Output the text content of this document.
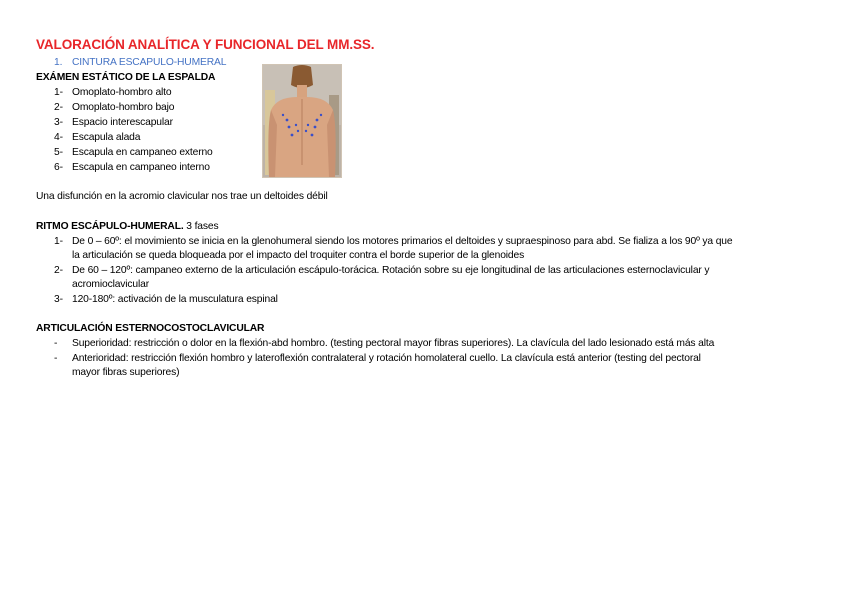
VALORACIÓN ANALÍTICA Y FUNCIONAL DEL MM.SS.
1. CINTURA ESCAPULO-HUMERAL
EXÁMEN ESTÁTICO DE LA ESPALDA
1- Omoplato-hombro alto
2- Omoplato-hombro bajo
3- Espacio interescapular
4- Escapula alada
5- Escapula en campaneo externo
6- Escapula en campaneo interno
Una disfunción en la acromio clavicular nos trae un deltoides débil
RITMO ESCÁPULO-HUMERAL. 3 fases
1- De 0 – 60º: el movimiento se inicia en la glenohumeral siendo los motores primarios el deltoides y supraespinoso para abd. Se fializa a los 90º ya que
la articulación se queda bloqueada por el impacto del troquiter contra el borde superior de la glenoides
2- De 60 – 120º: campaneo externo de la articulación escápulo-torácica. Rotación sobre su eje longitudinal de las articulaciones esternoclavicular y
acromioclavicular
3- 120-180º: activación de la musculatura espinal
ARTICULACIÓN ESTERNOCOSTOCLAVICULAR
- Superioridad: restricción o dolor en la flexión-abd hombro. (testing pectoral mayor fibras superiores). La clavícula del lado lesionado está más alta
- Anterioridad: restricción flexión hombro y lateroflexión contralateral y rotación homolateral cuello. La clavícula está anterior (testing del pectoral
mayor fibras superiores)
